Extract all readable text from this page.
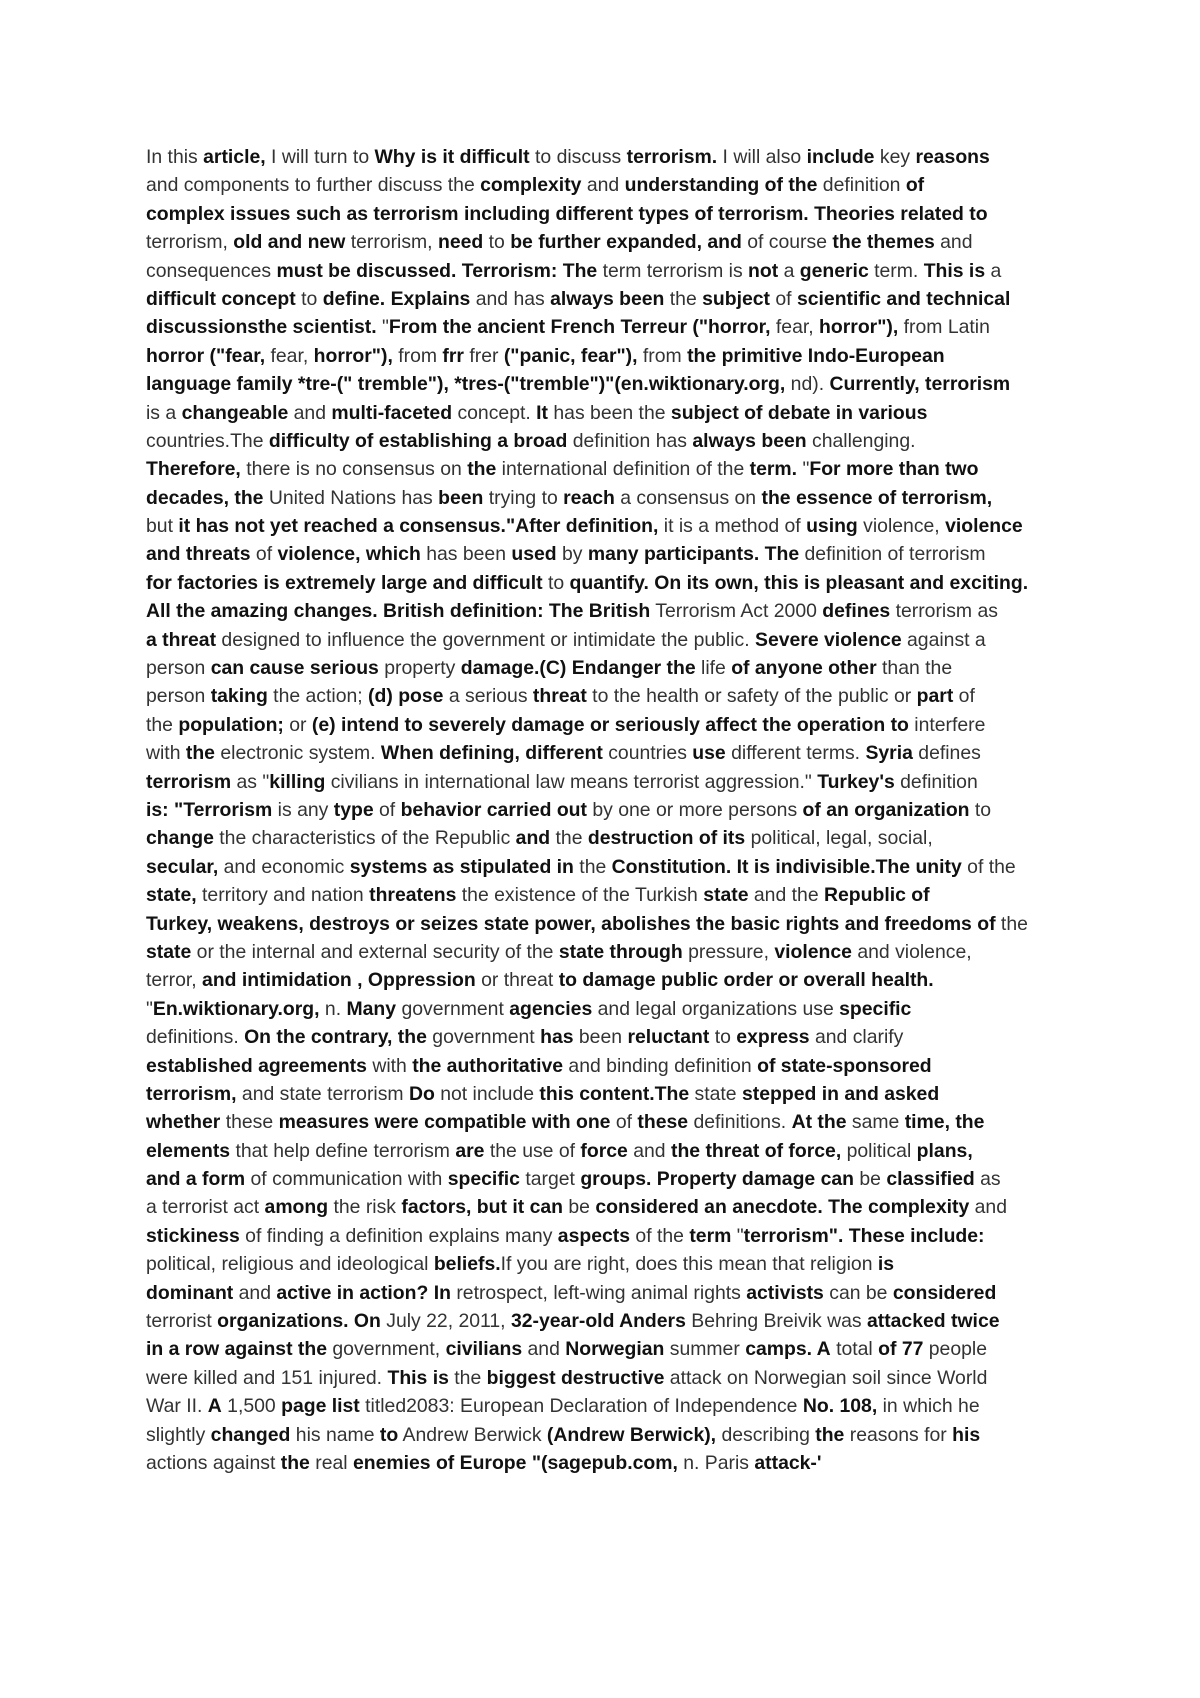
In this article, I will turn to Why is it difficult to discuss terrorism. I will also include key reasons
and components to further discuss the complexity and understanding of the definition of
complex issues such as terrorism including different types of terrorism. Theories related to
terrorism, old and new terrorism, need to be further expanded, and of course the themes and
consequences must be discussed. Terrorism: The term terrorism is not a generic term. This is a
difficult concept to define. Explains and has always been the subject of scientific and technical
discussionsthe scientist. "From the ancient French Terreur ("horror, fear, horror"), from Latin
horror ("fear, fear, horror"), from frr frer ("panic, fear"), from the primitive Indo-European
language family *tre-(" tremble"), *tres-("tremble")"(en.wiktionary.org, nd). Currently, terrorism
is a changeable and multi-faceted concept. It has been the subject of debate in various
countries.The difficulty of establishing a broad definition has always been challenging.
Therefore, there is no consensus on the international definition of the term. "For more than two
decades, the United Nations has been trying to reach a consensus on the essence of terrorism,
but it has not yet reached a consensus."After definition, it is a method of using violence, violence
and threats of violence, which has been used by many participants. The definition of terrorism
for factories is extremely large and difficult to quantify. On its own, this is pleasant and exciting.
All the amazing changes. British definition: The British Terrorism Act 2000 defines terrorism as
a threat designed to influence the government or intimidate the public. Severe violence against a
person can cause serious property damage.(C) Endanger the life of anyone other than the
person taking the action; (d) pose a serious threat to the health or safety of the public or part of
the population; or (e) intend to severely damage or seriously affect the operation to interfere
with the electronic system. When defining, different countries use different terms. Syria defines
terrorism as "killing civilians in international law means terrorist aggression." Turkey's definition
is: "Terrorism is any type of behavior carried out by one or more persons of an organization to
change the characteristics of the Republic and the destruction of its political, legal, social,
secular, and economic systems as stipulated in the Constitution. It is indivisible.The unity of the
state, territory and nation threatens the existence of the Turkish state and the Republic of
Turkey, weakens, destroys or seizes state power, abolishes the basic rights and freedoms of the
state or the internal and external security of the state through pressure, violence and violence,
terror, and intimidation , Oppression or threat to damage public order or overall health.
"En.wiktionary.org, n. Many government agencies and legal organizations use specific
definitions. On the contrary, the government has been reluctant to express and clarify
established agreements with the authoritative and binding definition of state-sponsored
terrorism, and state terrorism Do not include this content.The state stepped in and asked
whether these measures were compatible with one of these definitions. At the same time, the
elements that help define terrorism are the use of force and the threat of force, political plans,
and a form of communication with specific target groups. Property damage can be classified as
a terrorist act among the risk factors, but it can be considered an anecdote. The complexity and
stickiness of finding a definition explains many aspects of the term "terrorism". These include:
political, religious and ideological beliefs.If you are right, does this mean that religion is
dominant and active in action? In retrospect, left-wing animal rights activists can be considered
terrorist organizations. On July 22, 2011, 32-year-old Anders Behring Breivik was attacked twice
in a row against the government, civilians and Norwegian summer camps. A total of 77 people
were killed and 151 injured. This is the biggest destructive attack on Norwegian soil since World
War II. A 1,500 page list titled2083: European Declaration of Independence No. 108, in which he
slightly changed his name to Andrew Berwick (Andrew Berwick), describing the reasons for his
actions against the real enemies of Europe "(sagepub.com, n. Paris attack-'
